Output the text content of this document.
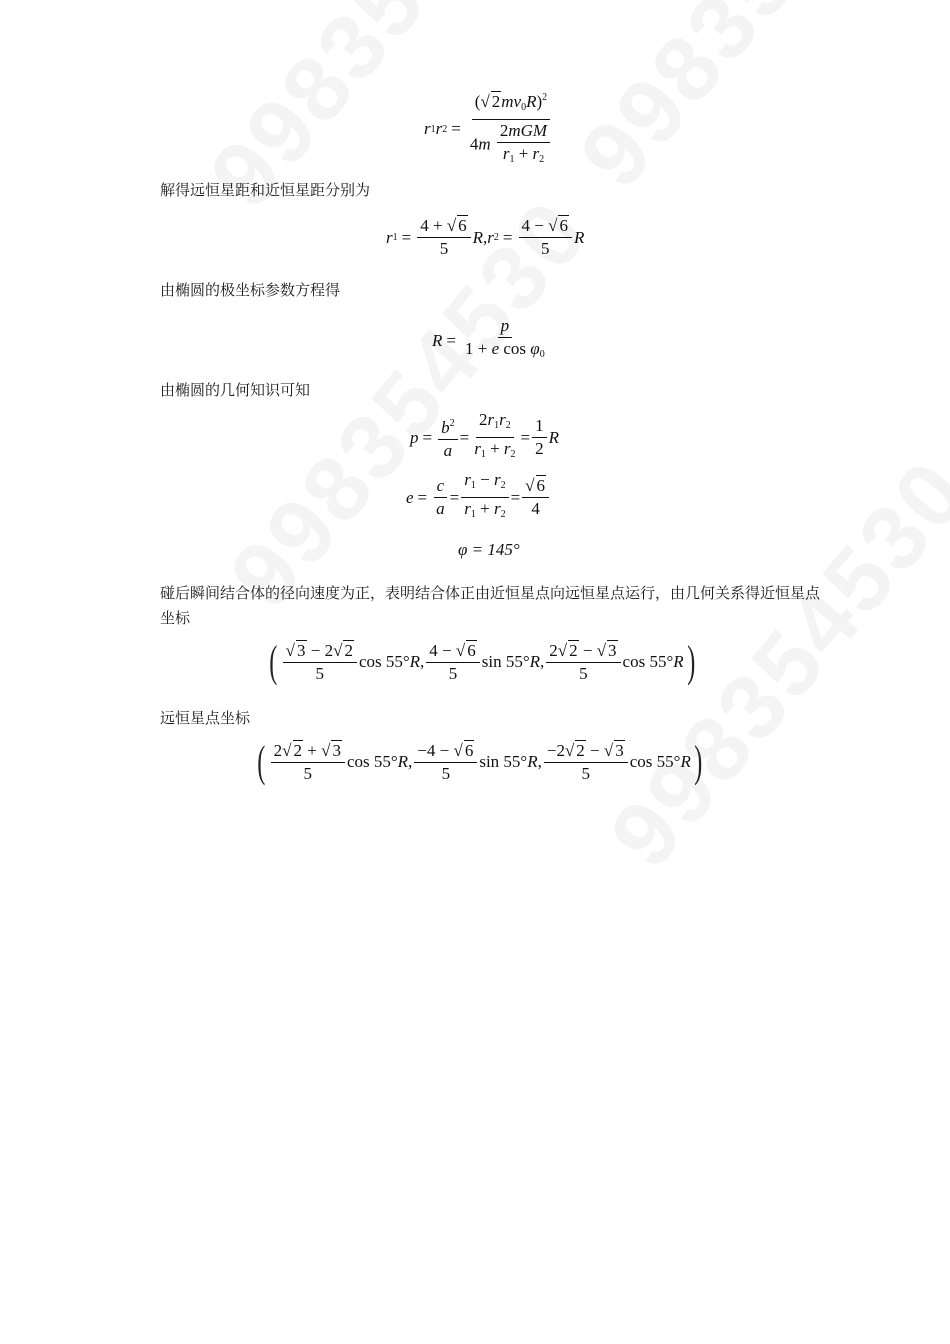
r 1 r $2 = \frac{(√ 2mv_0R)^2}{4m \frac{\text{2mGM}}{r_1 + r_2}}$
解得远恒星距和近恒星距分别为
r $1 = \frac{4 + √ 6}{5}$ R , r $2 = \frac{4 - √ 6}{5}$ R
由椭圆的极坐标参数方程得
$R = \frac{p}{1 + e \cos \varphi_0}$
由椭圆的几何知识可知
$p = \frac{b^2}{a} = \frac{2r_1r_2}{r_1 + r_2} = \frac{1}{2}$ R
$e = \frac{c}{a} = \frac{r_1 - r_2}{r_1 + r_2} = \frac{√ 6}{4}$
φ = 145°
碰后瞬间结合体的径向速度为正，表明结合体正由近恒星点向远恒星点运行，由几何关系得近恒星点坐标
( $\frac{√ 3 - 2√ 2}{5}$ cos 55° R , $\frac{4 - √ 6}{5}$ sin 55° R , $\frac{2√ 2 - √ 3}{5}$ cos 55° R )
远恒星点坐标
( $\frac{2√ 2 + √ 3}{5}$ cos 55° R , $\frac{-4 - √ 6}{5}$ sin 55° R , $\frac{-2√ 2 - √ 3}{5}$ cos 55° R )
